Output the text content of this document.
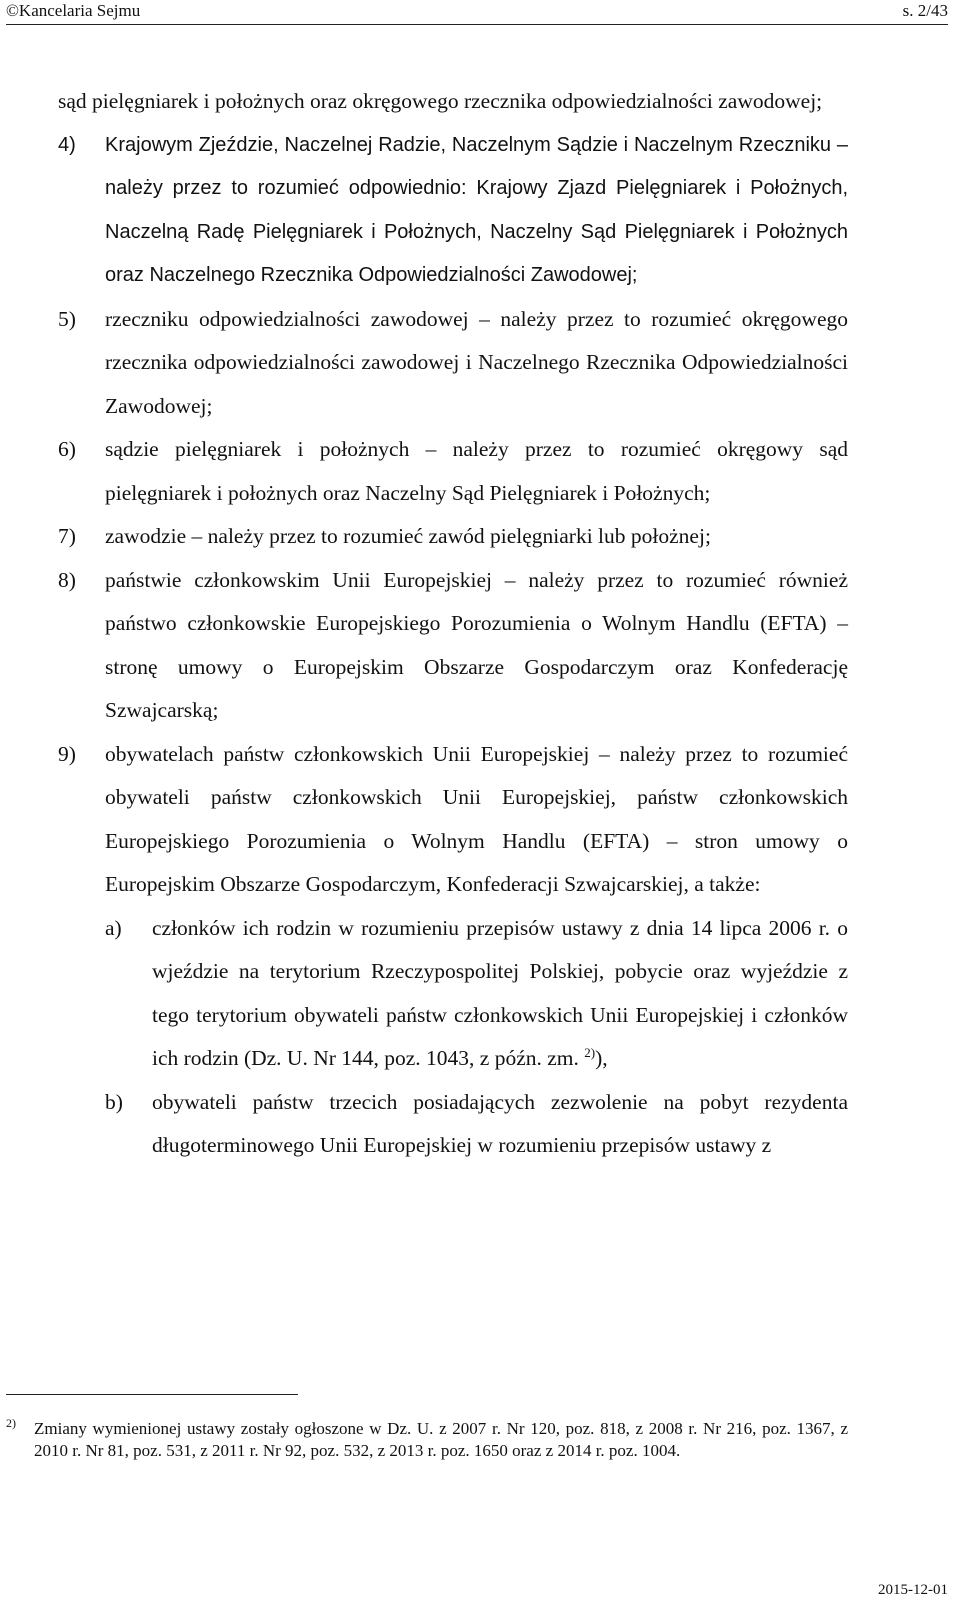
©Kancelaria Sejmu	s. 2/43

sąd pielęgniarek i położnych oraz okręgowego rzecznika odpowiedzialności zawodowej;

4)	Krajowym Zjeździe, Naczelnej Radzie, Naczelnym Sądzie i Naczelnym Rzeczniku – należy przez to rozumieć odpowiednio: Krajowy Zjazd Pielęgniarek i Położnych, Naczelną Radę Pielęgniarek i Położnych, Naczelny Sąd Pielęgniarek i Położnych oraz Naczelnego Rzecznika Odpowiedzialności Zawodowej;
5)	rzeczniku odpowiedzialności zawodowej – należy przez to rozumieć okręgowego rzecznika odpowiedzialności zawodowej i Naczelnego Rzecznika Odpowiedzialności Zawodowej;
6)	sądzie pielęgniarek i położnych – należy przez to rozumieć okręgowy sąd pielęgniarek i położnych oraz Naczelny Sąd Pielęgniarek i Położnych;
7)	zawodzie – należy przez to rozumieć zawód pielęgniarki lub położnej;
8)	państwie członkowskim Unii Europejskiej – należy przez to rozumieć również państwo członkowskie Europejskiego Porozumienia o Wolnym Handlu (EFTA) – stronę umowy o Europejskim Obszarze Gospodarczym oraz Konfederację Szwajcarską;
9)	obywatelach państw członkowskich Unii Europejskiej – należy przez to rozumieć obywateli państw członkowskich Unii Europejskiej, państw członkowskich Europejskiego Porozumienia o Wolnym Handlu (EFTA) – stron umowy o Europejskim Obszarze Gospodarczym, Konfederacji Szwajcarskiej, a także:
a)	członków ich rodzin w rozumieniu przepisów ustawy z dnia 14 lipca 2006 r. o wjeździe na terytorium Rzeczypospolitej Polskiej, pobycie oraz wyjeździe z tego terytorium obywateli państw członkowskich Unii Europejskiej i członków ich rodzin (Dz. U. Nr 144, poz. 1043, z późn. zm. $^{2)}$),
b)	obywateli państw trzecich posiadających zezwolenie na pobyt rezydenta długoterminowego Unii Europejskiej w rozumieniu przepisów ustawy z
2)	Zmiany wymienionej ustawy zostały ogłoszone w Dz. U. z 2007 r. Nr 120, poz. 818, z 2008 r. Nr 216, poz. 1367, z 2010 r. Nr 81, poz. 531, z 2011 r. Nr 92, poz. 532, z 2013 r. poz. 1650 oraz z 2014 r. poz. 1004.
2015-12-01
